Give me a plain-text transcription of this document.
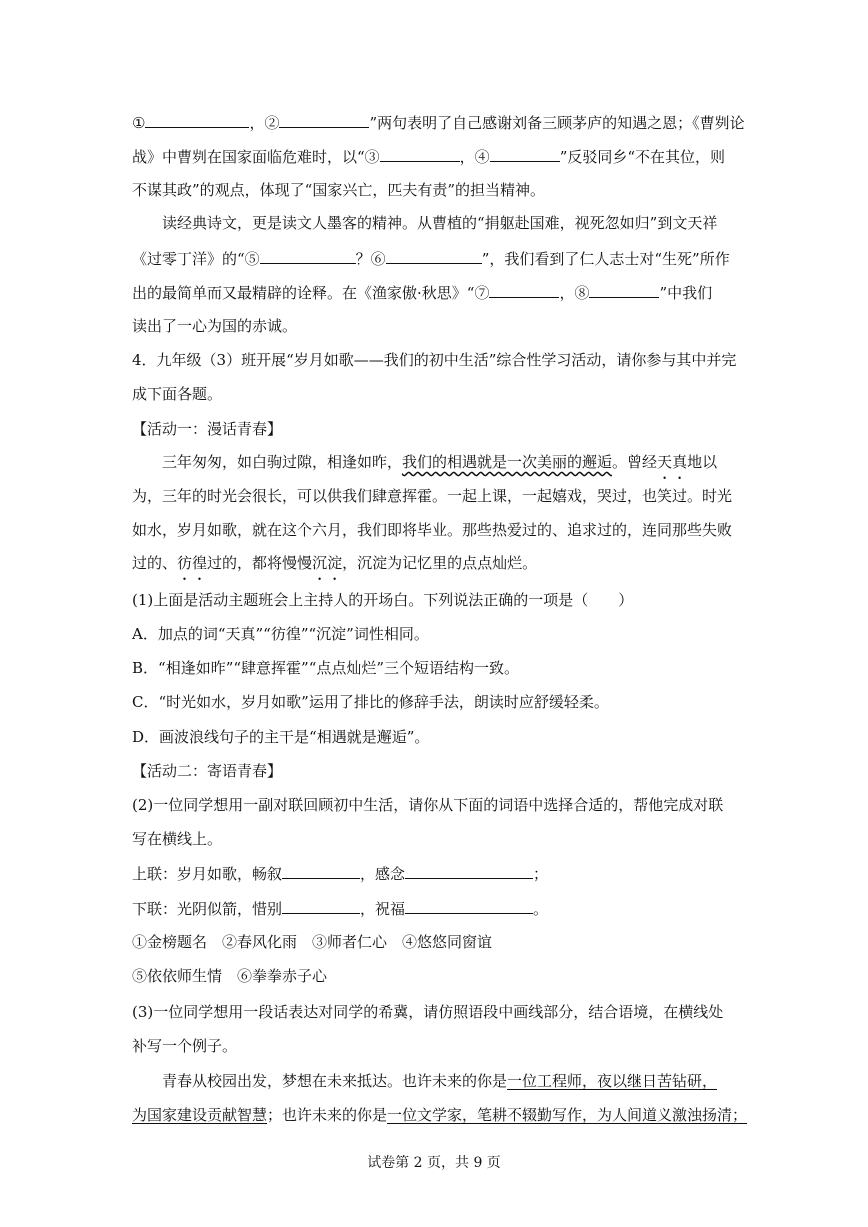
①	，②	”两句表明了自己感谢刘备三顾茅庐的知遇之恩；《曹刿论
战》中曹刿在国家面临危难时，以“③	，④	”反驳同乡“不在其位，则
不谋其政”的观点，体现了“国家兴亡，匹夫有责”的担当精神。
读经典诗文，更是读文人墨客的精神。从曹植的“捐躯赴国难，视死忽如归”到文天祥
《过零丁洋》的“⑤	？⑥	”，我们看到了仁人志士对“生死”所作
出的最简单而又最精辟的诠释。在《渔家傲·秋思》“⑦	，⑧	”中我们
读出了一心为国的赤诚。
4．九年级（3）班开展“岁月如歌——我们的初中生活”综合性学习活动，请你参与其中并完
成下面各题。
【活动一：漫话青春】
三年匆匆，如白驹过隙，相逢如昨，我们的相遇就是一次美丽的邂逅。曾经天真地以
为，三年的时光会很长，可以供我们肆意挥霍。一起上课，一起嬉戏，哭过，也笑过。时光
如水，岁月如歌，就在这个六月，我们即将毕业。那些热爱过的、追求过的，连同那些失败
过的、彷徨过的，都将慢慢沉淀，沉淀为记忆里的点点灿烂。
(1)上面是活动主题班会上主持人的开场白。下列说法正确的一项是（　　）
A．加点的词“天真”“彷徨”“沉淀”词性相同。
B．“相逢如昨”“肆意挥霍”“点点灿烂”三个短语结构一致。
C．“时光如水，岁月如歌”运用了排比的修辞手法，朗读时应舒缓轻柔。
D．画波浪线句子的主干是“相遇就是邂逅”。
【活动二：寄语青春】
(2)一位同学想用一副对联回顾初中生活，请你从下面的词语中选择合适的，帮他完成对联
写在横线上。
上联：岁月如歌，畅叙	，感念	；
下联：光阴似箭，惜别	，祝福	。
①金榜题名　②春风化雨　③师者仁心　④悠悠同窗谊
⑤依依师生情　⑥拳拳赤子心
(3)一位同学想用一段话表达对同学的希冀，请仿照语段中画线部分，结合语境，在横线处
补写一个例子。
青春从校园出发，梦想在未来抵达。也许未来的你是一位工程师，夜以继日苦钻研，
为国家建设贡献智慧；也许未来的你是一位文学家，笔耕不辍勤写作，为人间道义激浊扬清；
试卷第 2 页，共 9 页
